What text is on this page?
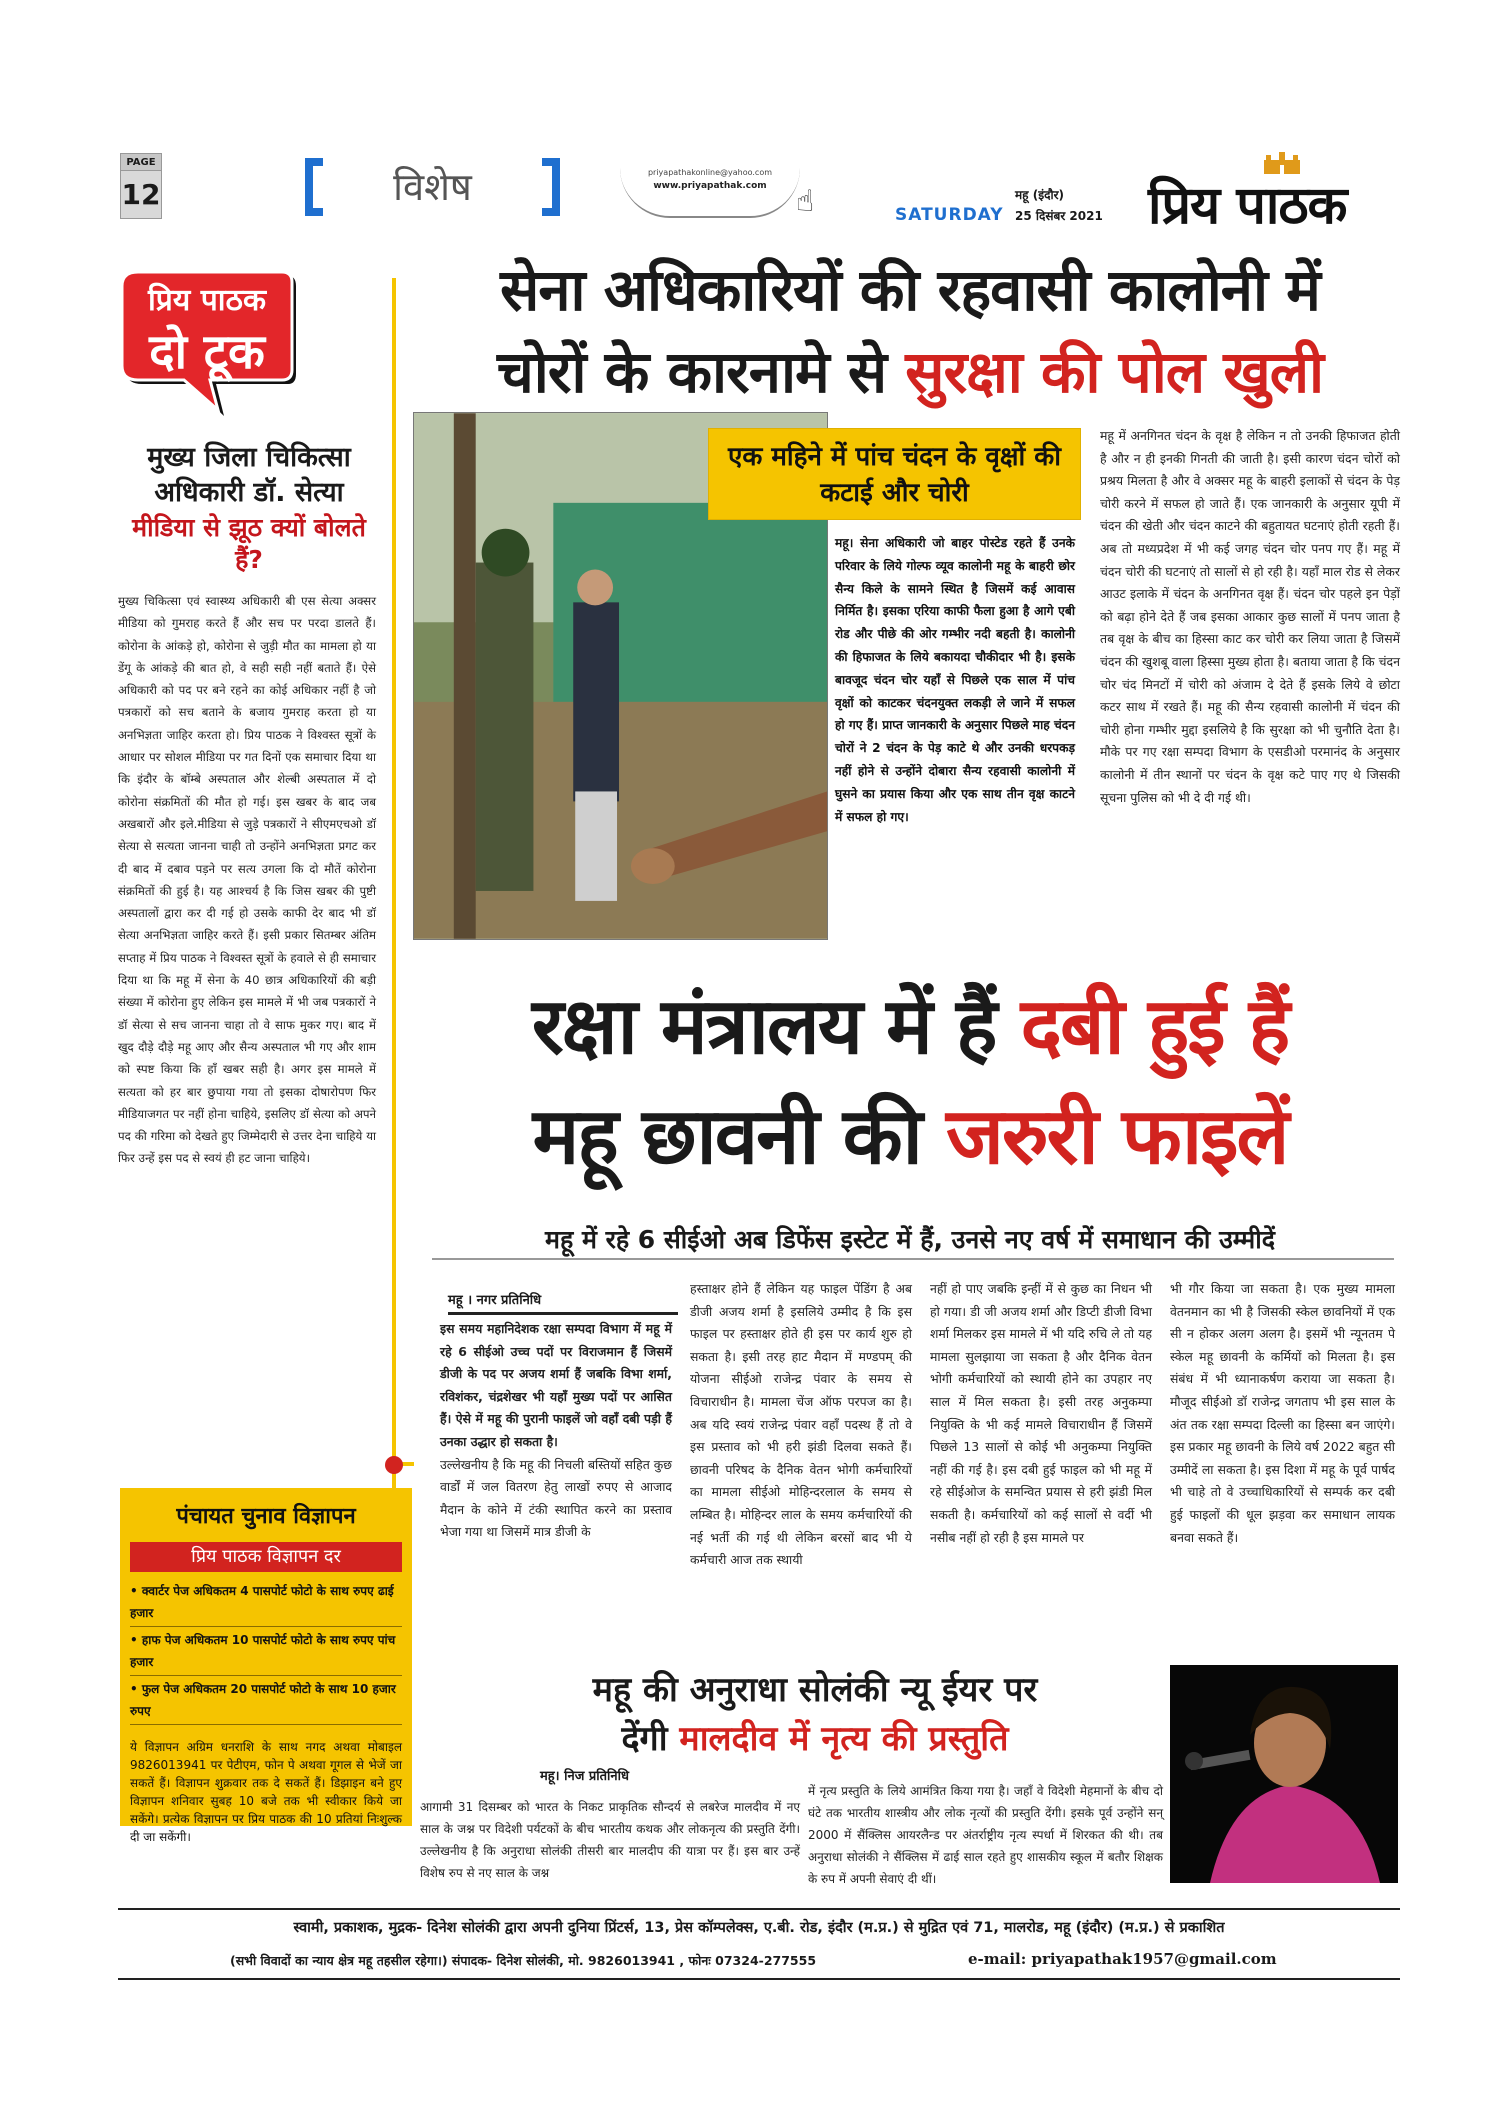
PAGE
12	विशेष	priyapathakonline@yahoo.com
www.priyapathak.com ☝	SATURDAY
महू (इंदौर)
25 दिसंबर 2021 प्रिय पाठक
प्रिय पाठक
दो टूक
मुख्य जिला चिकित्सा अधिकारी डॉ. सेत्या
मीडिया से झूठ क्यों बोलते हैं?
मुख्य चिकित्सा एवं स्वास्थ्य अधिकारी बी एस सेत्या अक्सर मीडिया को गुमराह करते हैं और सच पर परदा डालते हैं। कोरोना के आंकड़े हो, कोरोना से जुड़ी मौत का मामला हो या डेंगू के आंकड़े की बात हो, वे सही सही नहीं बताते हैं। ऐसे अधिकारी को पद पर बने रहने का कोई अधिकार नहीं है जो पत्रकारों को सच बताने के बजाय गुमराह करता हो या अनभिज्ञता जाहिर करता हो। प्रिय पाठक ने विश्वस्त सूत्रों के आधार पर सोशल मीडिया पर गत दिनों एक समाचार दिया था कि इंदौर के बॉम्बे अस्पताल और शेल्बी अस्पताल में दो कोरोना संक्रमितों की मौत हो गई। इस खबर के बाद जब अखबारों और इले.मीडिया से जुड़े पत्रकारों ने सीएमएचओ डॉ सेत्या से सत्यता जानना चाही तो उन्होंने अनभिज्ञता प्रगट कर दी बाद में दबाव पड़ने पर सत्य उगला कि दो मौतें कोरोना संक्रमितों की हुई है। यह आश्चर्य है कि जिस खबर की पुष्टी अस्पतालों द्वारा कर दी गई हो उसके काफी देर बाद भी डॉ सेत्या अनभिज्ञता जाहिर करते हैं। इसी प्रकार सितम्बर अंतिम सप्ताह में प्रिय पाठक ने विश्वस्त सूत्रों के हवाले से ही समाचार दिया था कि महू में सेना के 40 छात्र अधिकारियों की बड़ी संख्या में कोरोना हुए लेकिन इस मामले में भी जब पत्रकारों ने डॉ सेत्या से सच जानना चाहा तो वे साफ मुकर गए। बाद में खुद दौड़े दौड़े महू आए और सैन्य अस्पताल भी गए और शाम को स्पष्ट किया कि हाँ खबर सही है। अगर इस मामले में सत्यता को हर बार छुपाया गया तो इसका दोषारोपण फिर मीडियाजगत पर नहीं होना चाहिये, इसलिए डॉ सेत्या को अपने पद की गरिमा को देखते हुए जिम्मेदारी से उत्तर देना चाहिये या फिर उन्हें इस पद से स्वयं ही हट जाना चाहिये।
सेना अधिकारियों की रहवासी कालोनी में
चोरों के कारनामे से सुरक्षा की पोल खुली
एक महिने में पांच चंदन के वृक्षों की कटाई और चोरी
महू। सेना अधिकारी जो बाहर पोस्टेड रहते हैं उनके परिवार के लिये गोल्फ व्यूव कालोनी महू के बाहरी छोर सैन्य किले के सामने स्थित है जिसमें कई आवास निर्मित है। इसका एरिया काफी फैला हुआ है आगे एबी रोड और पीछे की ओर गम्भीर नदी बहती है। कालोनी की हिफाजत के लिये बकायदा चौकीदार भी है। इसके बावजूद चंदन चोर यहाँ से पिछले एक साल में पांच वृक्षों को काटकर चंदनयुक्त लकड़ी ले जाने में सफल हो गए हैं। प्राप्त जानकारी के अनुसार पिछले माह चंदन चोरों ने 2 चंदन के पेड़ काटे थे और उनकी धरपकड़ नहीं होने से उन्होंने दोबारा सैन्य रहवासी कालोनी में घुसने का प्रयास किया और एक साथ तीन वृक्ष काटने में सफल हो गए।
महू में अनगिनत चंदन के वृक्ष है लेकिन न तो उनकी हिफाजत होती है और न ही इनकी गिनती की जाती है। इसी कारण चंदन चोरों को प्रश्रय मिलता है और वे अक्सर महू के बाहरी इलाकों से चंदन के पेड़ चोरी करने में सफल हो जाते हैं। एक जानकारी के अनुसार यूपी में चंदन की खेती और चंदन काटने की बहुतायत घटनाएं होती रहती हैं। अब तो मध्यप्रदेश में भी कई जगह चंदन चोर पनप गए हैं। महू में चंदन चोरी की घटनाएं तो सालों से हो रही है। यहाँ माल रोड से लेकर आउट इलाके में चंदन के अनगिनत वृक्ष हैं। चंदन चोर पहले इन पेड़ों को बढ़ा होने देते हैं जब इसका आकार कुछ सालों में पनप जाता है तब वृक्ष के बीच का हिस्सा काट कर चोरी कर लिया जाता है जिसमें चंदन की खुशबू वाला हिस्सा मुख्य होता है। बताया जाता है कि चंदन चोर चंद मिनटों में चोरी को अंजाम दे देते हैं इसके लिये वे छोटा कटर साथ में रखते हैं। महू की सैन्य रहवासी कालोनी में चंदन की चोरी होना गम्भीर मुद्दा इसलिये है कि सुरक्षा को भी चुनौति देता है। मौके पर गए रक्षा सम्पदा विभाग के एसडीओ परमानंद के अनुसार कालोनी में तीन स्थानों पर चंदन के वृक्ष कटे पाए गए थे जिसकी सूचना पुलिस को भी दे दी गई थी।
रक्षा मंत्रालय में हैं दबी हुई हैं
महू छावनी की जरुरी फाइलें
महू में रहे 6 सीईओ अब डिफेंस इस्टेट में हैं, उनसे नए वर्ष में समाधान की उम्मीदें
महू । नगर प्रतिनिधि
इस समय महानिदेशक रक्षा सम्पदा विभाग में महू में रहे 6 सीईओ उच्च पदों पर विराजमान हैं जिसमें डीजी के पद पर अजय शर्मा हैं जबकि विभा शर्मा, रविशंकर, चंद्रशेखर भी यहाँ मुख्य पदों पर आसित हैं। ऐसे में महू की पुरानी फाइलें जो वहाँ दबी पड़ी हैं उनका उद्धार हो सकता है।
उल्लेखनीय है कि महू की निचली बस्तियों सहित कुछ वार्डों में जल वितरण हेतु लाखों रुपए से आजाद मैदान के कोने में टंकी स्थापित करने का प्रस्ताव भेजा गया था जिसमें मात्र डीजी के
हस्ताक्षर होने हैं लेकिन यह फाइल पेंडिंग है अब डीजी अजय शर्मा है इसलिये उम्मीद है कि इस फाइल पर हस्ताक्षर होते ही इस पर कार्य शुरु हो सकता है। इसी तरह हाट मैदान में मण्डपम् की योजना सीईओ राजेन्द्र पंवार के समय से विचाराधीन है। मामला चेंज ऑफ परपज का है। अब यदि स्वयं राजेन्द्र पंवार वहाँ पदस्थ हैं तो वे इस प्रस्ताव को भी हरी झंडी दिलवा सकते हैं। छावनी परिषद के दैनिक वेतन भोगी कर्मचारियों का मामला सीईओ मोहिन्दरलाल के समय से लम्बित है। मोहिन्दर लाल के समय कर्मचारियों की नई भर्ती की गई थी लेकिन बरसों बाद भी ये कर्मचारी आज तक स्थायी
नहीं हो पाए जबकि इन्हीं में से कुछ का निधन भी हो गया। डी जी अजय शर्मा और डिप्टी डीजी विभा शर्मा मिलकर इस मामले में भी यदि रुचि ले तो यह मामला सुलझाया जा सकता है और दैनिक वेतन भोगी कर्मचारियों को स्थायी होने का उपहार नए साल में मिल सकता है। इसी तरह अनुकम्पा नियुक्ति के भी कई मामले विचाराधीन हैं जिसमें पिछले 13 सालों से कोई भी अनुकम्पा नियुक्ति नहीं की गई है। इस दबी हुई फाइल को भी महू में रहे सीईओज के समन्वित प्रयास से हरी झंडी मिल सकती है। कर्मचारियों को कई सालों से वर्दी भी नसीब नहीं हो रही है इस मामले पर
भी गौर किया जा सकता है। एक मुख्य मामला वेतनमान का भी है जिसकी स्केल छावनियों में एक सी न होकर अलग अलग है। इसमें भी न्यूनतम पे स्केल महू छावनी के कर्मियों को मिलता है। इस संबंध में भी ध्यानाकर्षण कराया जा सकता है। मौजूद सीईओ डॉ राजेन्द्र जगताप भी इस साल के अंत तक रक्षा सम्पदा दिल्ली का हिस्सा बन जाएंगे। इस प्रकार महू छावनी के लिये वर्ष 2022 बहुत सी उम्मीदें ला सकता है। इस दिशा में महू के पूर्व पार्षद भी चाहे तो वे उच्चाधिकारियों से सम्पर्क कर दबी हुई फाइलों की धूल झड़वा कर समाधान लायक बनवा सकते हैं।
पंचायत चुनाव विज्ञापन
प्रिय पाठक विज्ञापन दर
• क्वार्टर पेज अधिकतम 4 पासपोर्ट फोटो के साथ रुपए ढाई हजार
• हाफ पेज अधिकतम 10 पासपोर्ट फोटो के साथ रुपए पांच हजार
• फुल पेज अधिकतम 20 पासपोर्ट फोटो के साथ 10 हजार रुपए
ये विज्ञापन अग्रिम धनराशि के साथ नगद अथवा मोबाइल 9826013941 पर पेटीएम, फोन पे अथवा गूगल से भेजें जा सकतें हैं। विज्ञापन शुक्रवार तक दे सकतें हैं। डिझाइन बने हुए विज्ञापन शनिवार सुबह 10 बजे तक भी स्वीकार किये जा सकेंगे। प्रत्येक विज्ञापन पर प्रिय पाठक की 10 प्रतियां निःशुल्क दी जा सकेंगी।
महू की अनुराधा सोलंकी न्यू ईयर पर
देंगी मालदीव में नृत्य की प्रस्तुति
महू। निज प्रतिनिधि
आगामी 31 दिसम्बर को भारत के निकट प्राकृतिक सौन्दर्य से लबरेज मालदीव में नए साल के जश्न पर विदेशी पर्यटकों के बीच भारतीय कथक और लोकनृत्य की प्रस्तुति देंगी। उल्लेखनीय है कि अनुराधा सोलंकी तीसरी बार मालदीप की यात्रा पर हैं। इस बार उन्हें विशेष रुप से नए साल के जश्न
में नृत्य प्रस्तुति के लिये आमंत्रित किया गया है। जहाँ वे विदेशी मेहमानों के बीच दो घंटे तक भारतीय शास्त्रीय और लोक नृत्यों की प्रस्तुति देंगी। इसके पूर्व उन्होंने सन् 2000 में सैंक्लिस आयरलैन्ड पर अंतर्राष्ट्रीय नृत्य स्पर्धा में शिरकत की थी। तब अनुराधा सोलंकी ने सैंक्लिस में ढाई साल रहते हुए शासकीय स्कूल में बतौर शिक्षक के रुप में अपनी सेवाएं दी थीं।
स्वामी, प्रकाशक, मुद्रक- दिनेश सोलंकी द्वारा अपनी दुनिया प्रिंटर्स, 13, प्रेस कॉम्पलेक्स, ए.बी. रोड, इंदौर (म.प्र.) से मुद्रित एवं 71, मालरोड, महू (इंदौर) (म.प्र.) से प्रकाशित
(सभी विवादों का न्याय क्षेत्र महू तहसील रहेगा।) संपादक- दिनेश सोलंकी, मो. 9826013941 , फोनः 07324-277555	e-mail: priyapathak1957@gmail.com
